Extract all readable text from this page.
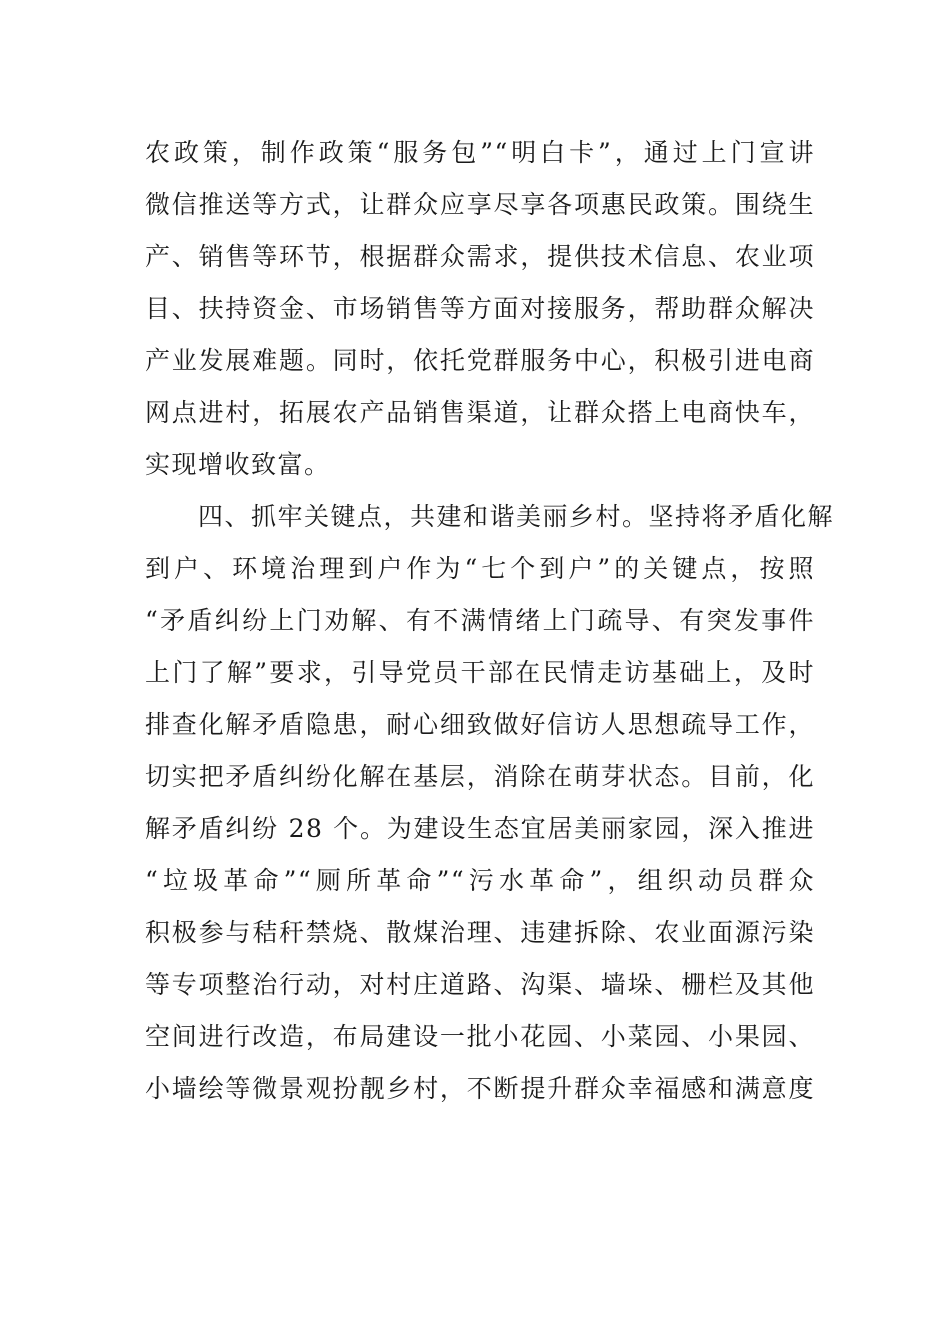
农政策，制作政策“服务包”“明白卡”，通过上门宣讲
微信推送等方式，让群众应享尽享各项惠民政策。围绕生
产、销售等环节，根据群众需求，提供技术信息、农业项
目、扶持资金、市场销售等方面对接服务，帮助群众解决
产业发展难题。同时，依托党群服务中心，积极引进电商
网点进村，拓展农产品销售渠道，让群众搭上电商快车，
实现增收致富。
　　四、抓牢关键点，共建和谐美丽乡村。坚持将矛盾化解
到户、环境治理到户作为“七个到户”的关键点，按照
“矛盾纠纷上门劝解、有不满情绪上门疏导、有突发事件
上门了解”要求，引导党员干部在民情走访基础上，及时
排查化解矛盾隐患，耐心细致做好信访人思想疏导工作，
切实把矛盾纠纷化解在基层，消除在萌芽状态。目前，化
解矛盾纠纷 28 个。为建设生态宜居美丽家园，深入推进
“垃圾革命”“厕所革命”“污水革命”，组织动员群众
积极参与秸秆禁烧、散煤治理、违建拆除、农业面源污染
等专项整治行动，对村庄道路、沟渠、墙垛、栅栏及其他
空间进行改造，布局建设一批小花园、小菜园、小果园、
小墙绘等微景观扮靓乡村，不断提升群众幸福感和满意度
